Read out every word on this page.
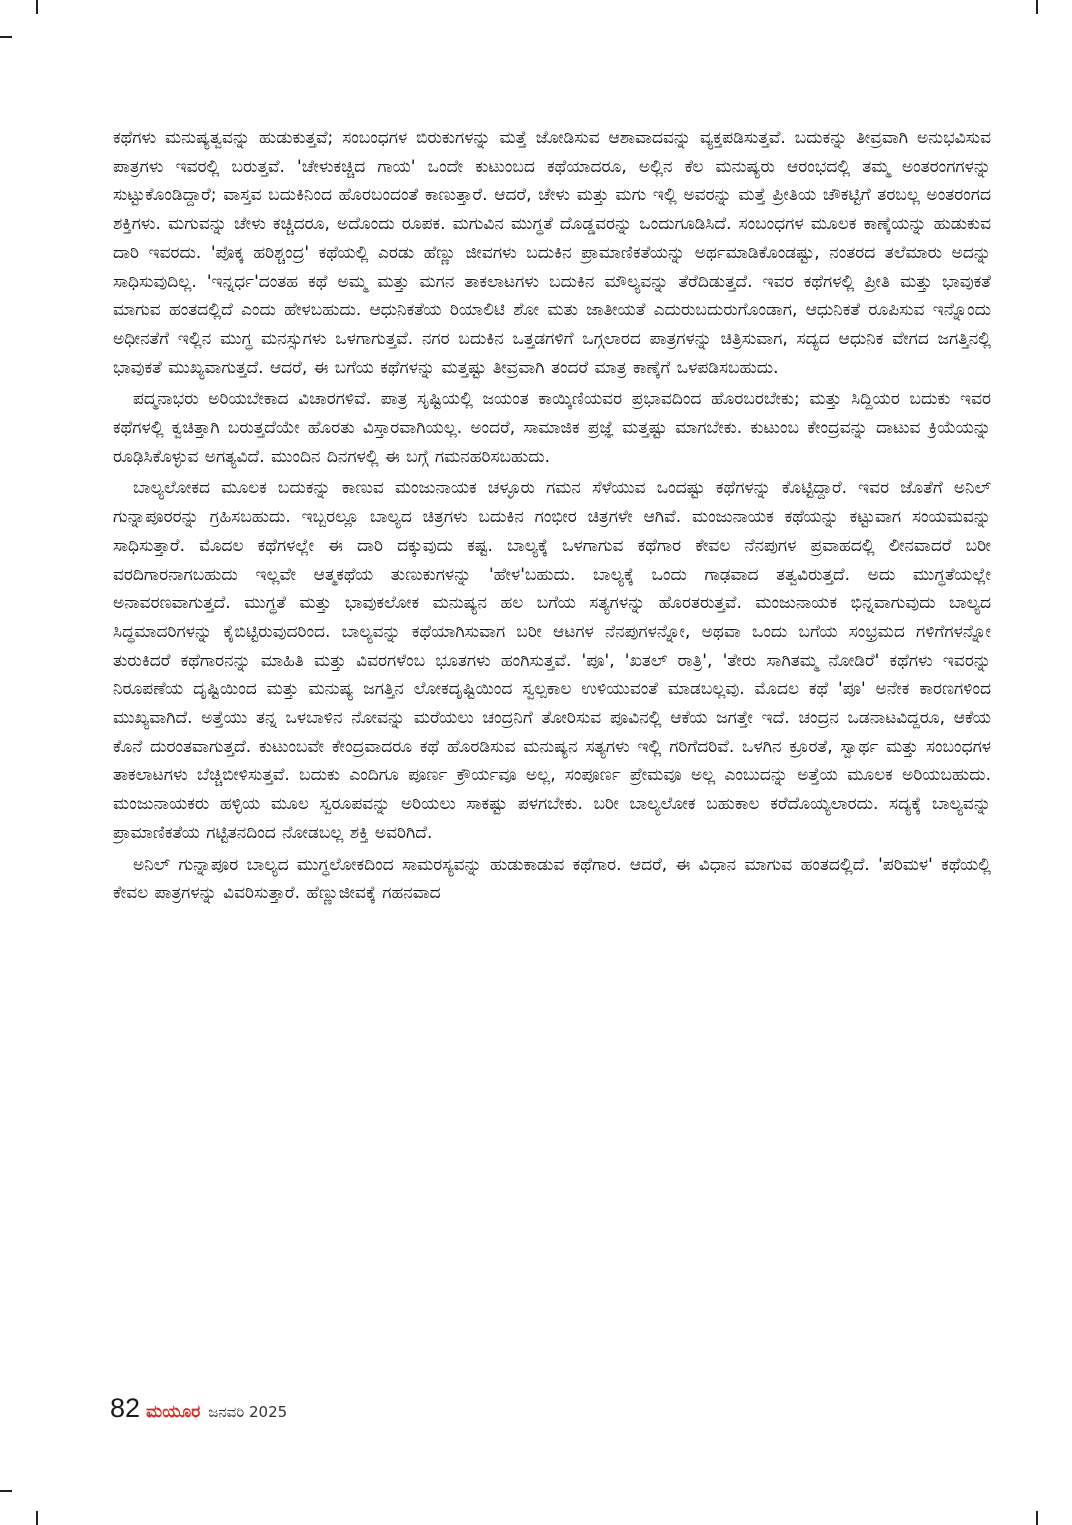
ಕಥೆಗಳು ಮನುಷ್ಯತ್ವವನ್ನು ಹುಡುಕುತ್ತವೆ; ಸಂಬಂಧಗಳ ಬಿರುಕುಗಳನ್ನು ಮತ್ತೆ ಜೋಡಿಸುವ ಆಶಾವಾದವನ್ನು ವ್ಯಕ್ತಪಡಿಸುತ್ತವೆ. ಬದುಕನ್ನು ತೀವ್ರವಾಗಿ ಅನುಭವಿಸುವ ಪಾತ್ರಗಳು ಇವರಲ್ಲಿ ಬರುತ್ತವೆ. 'ಚೇಳುಕಚ್ಚಿದ ಗಾಯ' ಒಂದೇ ಕುಟುಂಬದ ಕಥೆಯಾದರೂ, ಅಲ್ಲಿನ ಕೆಲ ಮನುಷ್ಯರು ಆರಂಭದಲ್ಲಿ ತಮ್ಮ ಅಂತರಂಗಗಳನ್ನು ಸುಟ್ಟುಕೊಂಡಿದ್ದಾರೆ; ವಾಸ್ತವ ಬದುಕಿನಿಂದ ಹೊರಬಂದಂತೆ ಕಾಣುತ್ತಾರೆ. ಆದರೆ, ಚೇಳು ಮತ್ತು ಮಗು ಇಲ್ಲಿ ಅವರನ್ನು ಮತ್ತೆ ಪ್ರೀತಿಯ ಚೌಕಟ್ಟಿಗೆ ತರಬಲ್ಲ ಅಂತರಂಗದ ಶಕ್ತಿಗಳು. ಮಗುವನ್ನು ಚೇಳು ಕಚ್ಚಿದರೂ, ಅದೊಂದು ರೂಪಕ. ಮಗುವಿನ ಮುಗ್ಧತೆ ದೊಡ್ಡವರನ್ನು ಒಂದುಗೂಡಿಸಿದೆ. ಸಂಬಂಧಗಳ ಮೂಲಕ ಕಾಣ್ಕೆಯನ್ನು ಹುಡುಕುವ ದಾರಿ ಇವರದು. 'ಪೊಕ್ಕ ಹರಿಶ್ಚಂದ್ರ' ಕಥೆಯಲ್ಲಿ ಎರಡು ಹೆಣ್ಣು ಜೀವಗಳು ಬದುಕಿನ ಪ್ರಾಮಾಣಿಕತೆಯನ್ನು ಅರ್ಥಮಾಡಿಕೊಂಡಷ್ಟು, ನಂತರದ ತಲೆಮಾರು ಅದನ್ನು ಸಾಧಿಸುವುದಿಲ್ಲ. 'ಇನ್ನರ್ಧ'ದಂತಹ ಕಥೆ ಅಮ್ಮ ಮತ್ತು ಮಗನ ತಾಕಲಾಟಗಳು ಬದುಕಿನ ಮೌಲ್ಯವನ್ನು ತೆರೆದಿಡುತ್ತದೆ. ಇವರ ಕಥೆಗಳಲ್ಲಿ ಪ್ರೀತಿ ಮತ್ತು ಭಾವುಕತೆ ಮಾಗುವ ಹಂತದಲ್ಲಿದೆ ಎಂದು ಹೇಳಬಹುದು. ಆಧುನಿಕತೆಯ ರಿಯಾಲಿಟಿ ಶೋ ಮತು ಜಾತೀಯತೆ ಎದುರುಬದುರುಗೊಂಡಾಗ, ಆಧುನಿಕತೆ ರೂಪಿಸುವ ಇನ್ನೊಂದು ಅಧೀನತೆಗೆ ಇಲ್ಲಿನ ಮುಗ್ಧ ಮನಸ್ಸುಗಳು ಒಳಗಾಗುತ್ತವೆ. ನಗರ ಬದುಕಿನ ಒತ್ತಡಗಳಿಗೆ ಒಗ್ಗಲಾರದ ಪಾತ್ರಗಳನ್ನು ಚಿತ್ರಿಸುವಾಗ, ಸದ್ಯದ ಆಧುನಿಕ ವೇಗದ ಜಗತ್ತಿನಲ್ಲಿ ಭಾವುಕತೆ ಮುಖ್ಯವಾಗುತ್ತದೆ. ಆದರೆ, ಈ ಬಗೆಯ ಕಥೆಗಳನ್ನು ಮತ್ತಷ್ಟು ತೀವ್ರವಾಗಿ ತಂದರೆ ಮಾತ್ರ ಕಾಣ್ಕೆಗೆ ಒಳಪಡಿಸಬಹುದು.

ಪದ್ಮನಾಭರು ಅರಿಯಬೇಕಾದ ವಿಚಾರಗಳಿವೆ. ಪಾತ್ರ ಸೃಷ್ಟಿಯಲ್ಲಿ ಜಯಂತ ಕಾಯ್ಕಿಣಿಯವರ ಪ್ರಭಾವದಿಂದ ಹೊರಬರಬೇಕು; ಮತ್ತು ಸಿದ್ದಿಯರ ಬದುಕು ಇವರ ಕಥೆಗಳಲ್ಲಿ ಕ್ವಚಿತ್ತಾಗಿ ಬರುತ್ತದೆಯೇ ಹೊರತು ವಿಸ್ತಾರವಾಗಿಯಲ್ಲ. ಅಂದರೆ, ಸಾಮಾಜಿಕ ಪ್ರಜ್ಞೆ ಮತ್ತಷ್ಟು ಮಾಗಬೇಕು. ಕುಟುಂಬ ಕೇಂದ್ರವನ್ನು ದಾಟುವ ಕ್ರಿಯೆಯನ್ನು ರೂಢಿಸಿಕೊಳ್ಳುವ ಅಗತ್ಯವಿದೆ. ಮುಂದಿನ ದಿನಗಳಲ್ಲಿ ಈ ಬಗ್ಗೆ ಗಮನಹರಿಸಬಹುದು.

ಬಾಲ್ಯಲೋಕದ ಮೂಲಕ ಬದುಕನ್ನು ಕಾಣುವ ಮಂಜುನಾಯಕ ಚಳ್ಳೂರು ಗಮನ ಸೆಳೆಯುವ ಒಂದಷ್ಟು ಕಥೆಗಳನ್ನು ಕೊಟ್ಟಿದ್ದಾರೆ. ಇವರ ಜೊತೆಗೆ ಅನಿಲ್ ಗುನ್ನಾಪೂರರನ್ನು ಗ್ರಹಿಸಬಹುದು. ಇಬ್ಬರಲ್ಲೂ ಬಾಲ್ಯದ ಚಿತ್ರಗಳು ಬದುಕಿನ ಗಂಭೀರ ಚಿತ್ರಗಳೇ ಆಗಿವೆ. ಮಂಜುನಾಯಕ ಕಥೆಯನ್ನು ಕಟ್ಟುವಾಗ ಸಂಯಮವನ್ನು ಸಾಧಿಸುತ್ತಾರೆ. ಮೊದಲ ಕಥೆಗಳಲ್ಲೇ ಈ ದಾರಿ ದಕ್ಕುವುದು ಕಷ್ಟ. ಬಾಲ್ಯಕ್ಕೆ ಒಳಗಾಗುವ ಕಥೆಗಾರ ಕೇವಲ ನೆನಪುಗಳ ಪ್ರವಾಹದಲ್ಲಿ ಲೀನವಾದರೆ ಬರೀ ವರದಿಗಾರನಾಗಬಹುದು ಇಲ್ಲವೇ ಆತ್ಮಕಥೆಯ ತುಣುಕುಗಳನ್ನು 'ಹೇಳ'ಬಹುದು. ಬಾಲ್ಯಕ್ಕೆ ಒಂದು ಗಾಢವಾದ ತತ್ವವಿರುತ್ತದೆ. ಅದು ಮುಗ್ಧತೆಯಲ್ಲೇ ಅನಾವರಣವಾಗುತ್ತದೆ. ಮುಗ್ಧತೆ ಮತ್ತು ಭಾವುಕಲೋಕ ಮನುಷ್ಯನ ಹಲ ಬಗೆಯ ಸತ್ಯಗಳನ್ನು ಹೊರತರುತ್ತವೆ. ಮಂಜುನಾಯಕ ಭಿನ್ನವಾಗುವುದು ಬಾಲ್ಯದ ಸಿದ್ಧಮಾದರಿಗಳನ್ನು ಕೈಬಿಟ್ಟಿರುವುದರಿಂದ. ಬಾಲ್ಯವನ್ನು ಕಥೆಯಾಗಿಸುವಾಗ ಬರೀ ಆಟಗಳ ನೆನಪುಗಳನ್ನೋ, ಅಥವಾ ಒಂದು ಬಗೆಯ ಸಂಭ್ರಮದ ಗಳಿಗೆಗಳನ್ನೋ ತುರುಕಿದರೆ ಕಥೆಗಾರನನ್ನು ಮಾಹಿತಿ ಮತ್ತು ವಿವರಗಳೆಂಬ ಭೂತಗಳು ಹಂಗಿಸುತ್ತವೆ. 'ಪೂ', 'ಖತಲ್ ರಾತ್ರಿ', 'ತೇರು ಸಾಗಿತಮ್ಮ ನೋಡಿರೆ' ಕಥೆಗಳು ಇವರನ್ನು ನಿರೂಪಣೆಯ ದೃಷ್ಟಿಯಿಂದ ಮತ್ತು ಮನುಷ್ಯ ಜಗತ್ತಿನ ಲೋಕದೃಷ್ಟಿಯಿಂದ ಸ್ವಲ್ಪಕಾಲ ಉಳಿಯುವಂತೆ ಮಾಡಬಲ್ಲವು. ಮೊದಲ ಕಥೆ 'ಪೂ' ಅನೇಕ ಕಾರಣಗಳಿಂದ ಮುಖ್ಯವಾಗಿದೆ. ಅತ್ತೆಯು ತನ್ನ ಒಳಬಾಳಿನ ನೋವನ್ನು ಮರೆಯಲು ಚಂದ್ರನಿಗೆ ತೋರಿಸುವ ಪೂವಿನಲ್ಲಿ ಆಕೆಯ ಜಗತ್ತೇ ಇದೆ. ಚಂದ್ರನ ಒಡನಾಟವಿದ್ದರೂ, ಆಕೆಯ ಕೊನೆ ದುರಂತವಾಗುತ್ತದೆ. ಕುಟುಂಬವೇ ಕೇಂದ್ರವಾದರೂ ಕಥೆ ಹೊರಡಿಸುವ ಮನುಷ್ಯನ ಸತ್ಯಗಳು ಇಲ್ಲಿ ಗರಿಗೆದರಿವೆ. ಒಳಗಿನ ಕ್ರೂರತೆ, ಸ್ವಾರ್ಥ ಮತ್ತು ಸಂಬಂಧಗಳ ತಾಕಲಾಟಗಳು ಬೆಚ್ಚಿಬೀಳಿಸುತ್ತವೆ. ಬದುಕು ಎಂದಿಗೂ ಪೂರ್ಣ ಕ್ರೌರ್ಯವೂ ಅಲ್ಲ, ಸಂಪೂರ್ಣ ಪ್ರೇಮವೂ ಅಲ್ಲ ಎಂಬುದನ್ನು ಅತ್ತೆಯ ಮೂಲಕ ಅರಿಯಬಹುದು. ಮಂಜುನಾಯಕರು ಹಳ್ಳಿಯ ಮೂಲ ಸ್ವರೂಪವನ್ನು ಅರಿಯಲು ಸಾಕಷ್ಟು ಪಳಗಬೇಕು. ಬರೀ ಬಾಲ್ಯಲೋಕ ಬಹುಕಾಲ ಕರೆದೊಯ್ಯಲಾರದು. ಸದ್ಯಕ್ಕೆ ಬಾಲ್ಯವನ್ನು ಪ್ರಾಮಾಣಿಕತೆಯ ಗಟ್ಟಿತನದಿಂದ ನೋಡಬಲ್ಲ ಶಕ್ತಿ ಅವರಿಗಿದೆ.

ಅನಿಲ್ ಗುನ್ನಾಪೂರ ಬಾಲ್ಯದ ಮುಗ್ಧಲೋಕದಿಂದ ಸಾಮರಸ್ಯವನ್ನು ಹುಡುಕಾಡುವ ಕಥೆಗಾರ. ಆದರೆ, ಈ ವಿಧಾನ ಮಾಗುವ ಹಂತದಲ್ಲಿದೆ. 'ಪರಿಮಳ' ಕಥೆಯಲ್ಲಿ ಕೇವಲ ಪಾತ್ರಗಳನ್ನು ವಿವರಿಸುತ್ತಾರೆ. ಹೆಣ್ಣುಜೀವಕ್ಕೆ ಗಹನವಾದ

82 ಮಯೂರ ಜನವರಿ 2025
